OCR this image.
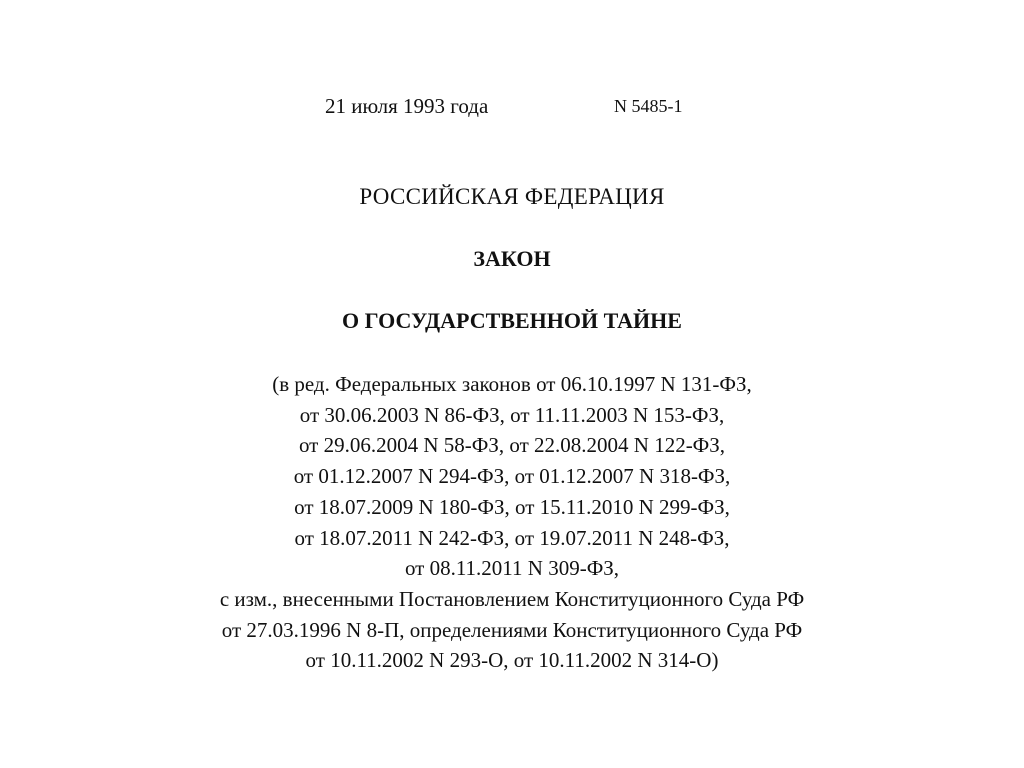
21 июля 1993 года	N 5485-1
РОССИЙСКАЯ ФЕДЕРАЦИЯ
ЗАКОН
О ГОСУДАРСТВЕННОЙ ТАЙНЕ
(в ред. Федеральных законов от 06.10.1997 N 131-ФЗ,
от 30.06.2003 N 86-ФЗ, от 11.11.2003 N 153-ФЗ,
от 29.06.2004 N 58-ФЗ, от 22.08.2004 N 122-ФЗ,
от 01.12.2007 N 294-ФЗ, от 01.12.2007 N 318-ФЗ,
от 18.07.2009 N 180-ФЗ, от 15.11.2010 N 299-ФЗ,
от 18.07.2011 N 242-ФЗ, от 19.07.2011 N 248-ФЗ,
от 08.11.2011 N 309-ФЗ,
с изм., внесенными Постановлением Конституционного Суда РФ
от 27.03.1996 N 8-П, определениями Конституционного Суда РФ
от 10.11.2002 N 293-О, от 10.11.2002 N 314-О)
